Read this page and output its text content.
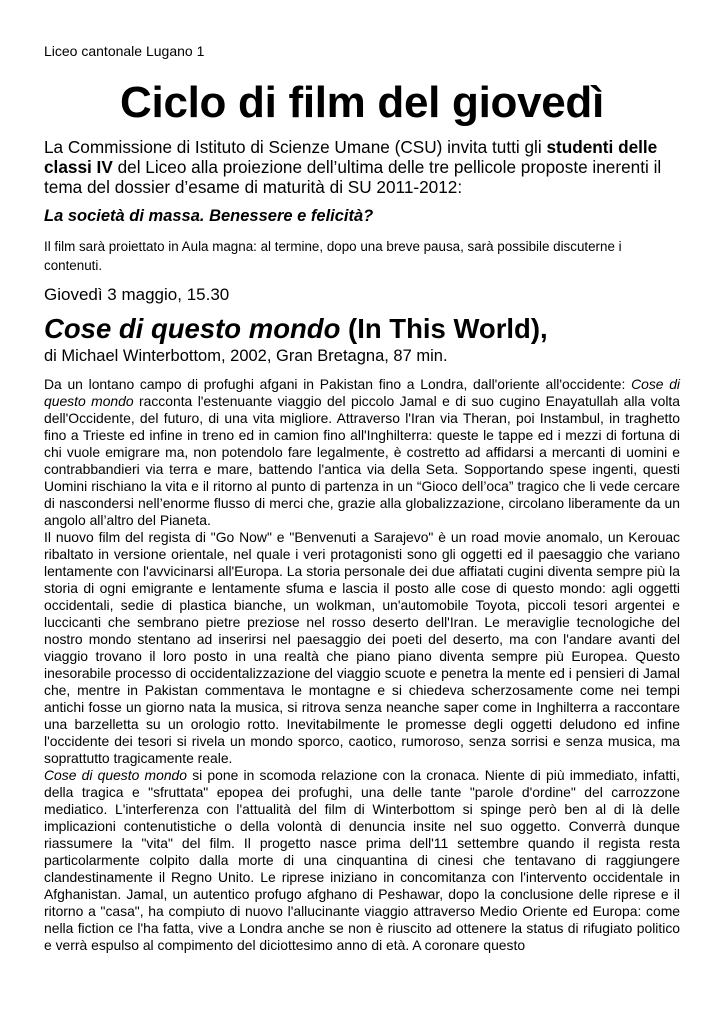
Liceo cantonale Lugano 1
Ciclo di film del giovedì
La Commissione di Istituto di Scienze Umane (CSU) invita tutti gli studenti delle classi IV del Liceo alla proiezione dell’ultima delle tre pellicole proposte inerenti il tema del dossier d’esame di maturità di SU 2011-2012:
La società di massa. Benessere e felicità?
Il film sarà proiettato in Aula magna: al termine, dopo una breve pausa, sarà possibile discuterne i contenuti.
Giovedì 3 maggio, 15.30
Cose di questo mondo (In This World),
di Michael Winterbottom, 2002, Gran Bretagna, 87 min.

Da un lontano campo di profughi afgani in Pakistan fino a Londra, dall'oriente all'occidente: Cose di questo mondo racconta l'estenuante viaggio del piccolo Jamal e di suo cugino Enayatullah alla volta dell'Occidente, del futuro, di una vita migliore. Attraverso l'Iran via Theran, poi Instambul, in traghetto fino a Trieste ed infine in treno ed in camion fino all'Inghilterra: queste le tappe ed i mezzi di fortuna di chi vuole emigrare ma, non potendolo fare legalmente, è costretto ad affidarsi a mercanti di uomini e contrabbandieri via terra e mare, battendo l'antica via della Seta. Sopportando spese ingenti, questi Uomini rischiano la vita e il ritorno al punto di partenza in un “Gioco dell’oca” tragico che li vede cercare di nascondersi nell’enorme flusso di merci che, grazie alla globalizzazione, circolano liberamente da un angolo all’altro del Pianeta.

Il nuovo film del regista di "Go Now" e "Benvenuti a Sarajevo" è un road movie anomalo, un Kerouac ribaltato in versione orientale, nel quale i veri protagonisti sono gli oggetti ed il paesaggio che variano lentamente con l'avvicinarsi all'Europa. La storia personale dei due affiatati cugini diventa sempre più la storia di ogni emigrante e lentamente sfuma e lascia il posto alle cose di questo mondo: agli oggetti occidentali, sedie di plastica bianche, un wolkman, un'automobile Toyota, piccoli tesori argentei e luccicanti che sembrano pietre preziose nel rosso deserto dell'Iran. Le meraviglie tecnologiche del nostro mondo stentano ad inserirsi nel paesaggio dei poeti del deserto, ma con l'andare avanti del viaggio trovano il loro posto in una realtà che piano piano diventa sempre più Europea. Questo inesorabile processo di occidentalizzazione del viaggio scuote e penetra la mente ed i pensieri di Jamal che, mentre in Pakistan commentava le montagne e si chiedeva scherzosamente come nei tempi antichi fosse un giorno nata la musica, si ritrova senza neanche saper come in Inghilterra a raccontare una barzelletta su un orologio rotto. Inevitabilmente le promesse degli oggetti deludono ed infine l'occidente dei tesori si rivela un mondo sporco, caotico, rumoroso, senza sorrisi e senza musica, ma soprattutto tragicamente reale.

Cose di questo mondo si pone in scomoda relazione con la cronaca. Niente di più immediato, infatti, della tragica e "sfruttata" epopea dei profughi, una delle tante "parole d'ordine" del carrozzone mediatico. L'interferenza con l'attualità del film di Winterbottom si spinge però ben al di là delle implicazioni contenutistiche o della volontà di denuncia insite nel suo oggetto. Converrà dunque riassumere la "vita" del film. Il progetto nasce prima dell'11 settembre quando il regista resta particolarmente colpito dalla morte di una cinquantina di cinesi che tentavano di raggiungere clandestinamente il Regno Unito. Le riprese iniziano in concomitanza con l'intervento occidentale in Afghanistan. Jamal, un autentico profugo afghano di Peshawar, dopo la conclusione delle riprese e il ritorno a "casa", ha compiuto di nuovo l'allucinante viaggio attraverso Medio Oriente ed Europa: come nella fiction ce l'ha fatta, vive a Londra anche se non è riuscito ad ottenere la status di rifugiato politico e verrà espulso al compimento del diciottesimo anno di età. A coronare questo
